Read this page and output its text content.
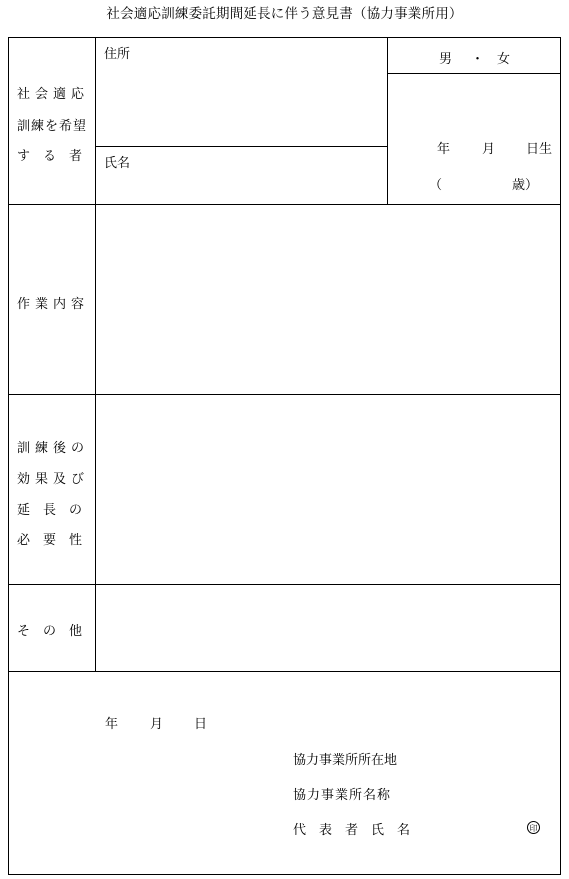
社会適応訓練委託期間延長に伴う意見書（協力事業所用）
社会適応
訓練を希望
す　る　者
住所
氏名
男 ・ 女
年 月 日生
（	歳）
作業内容
訓練後の
効果及び
延　長　の
必　要　性
そ　の　他
年 月 日
協力事業所所在地
協力事業所名称
代　表　者　氏　名	印
